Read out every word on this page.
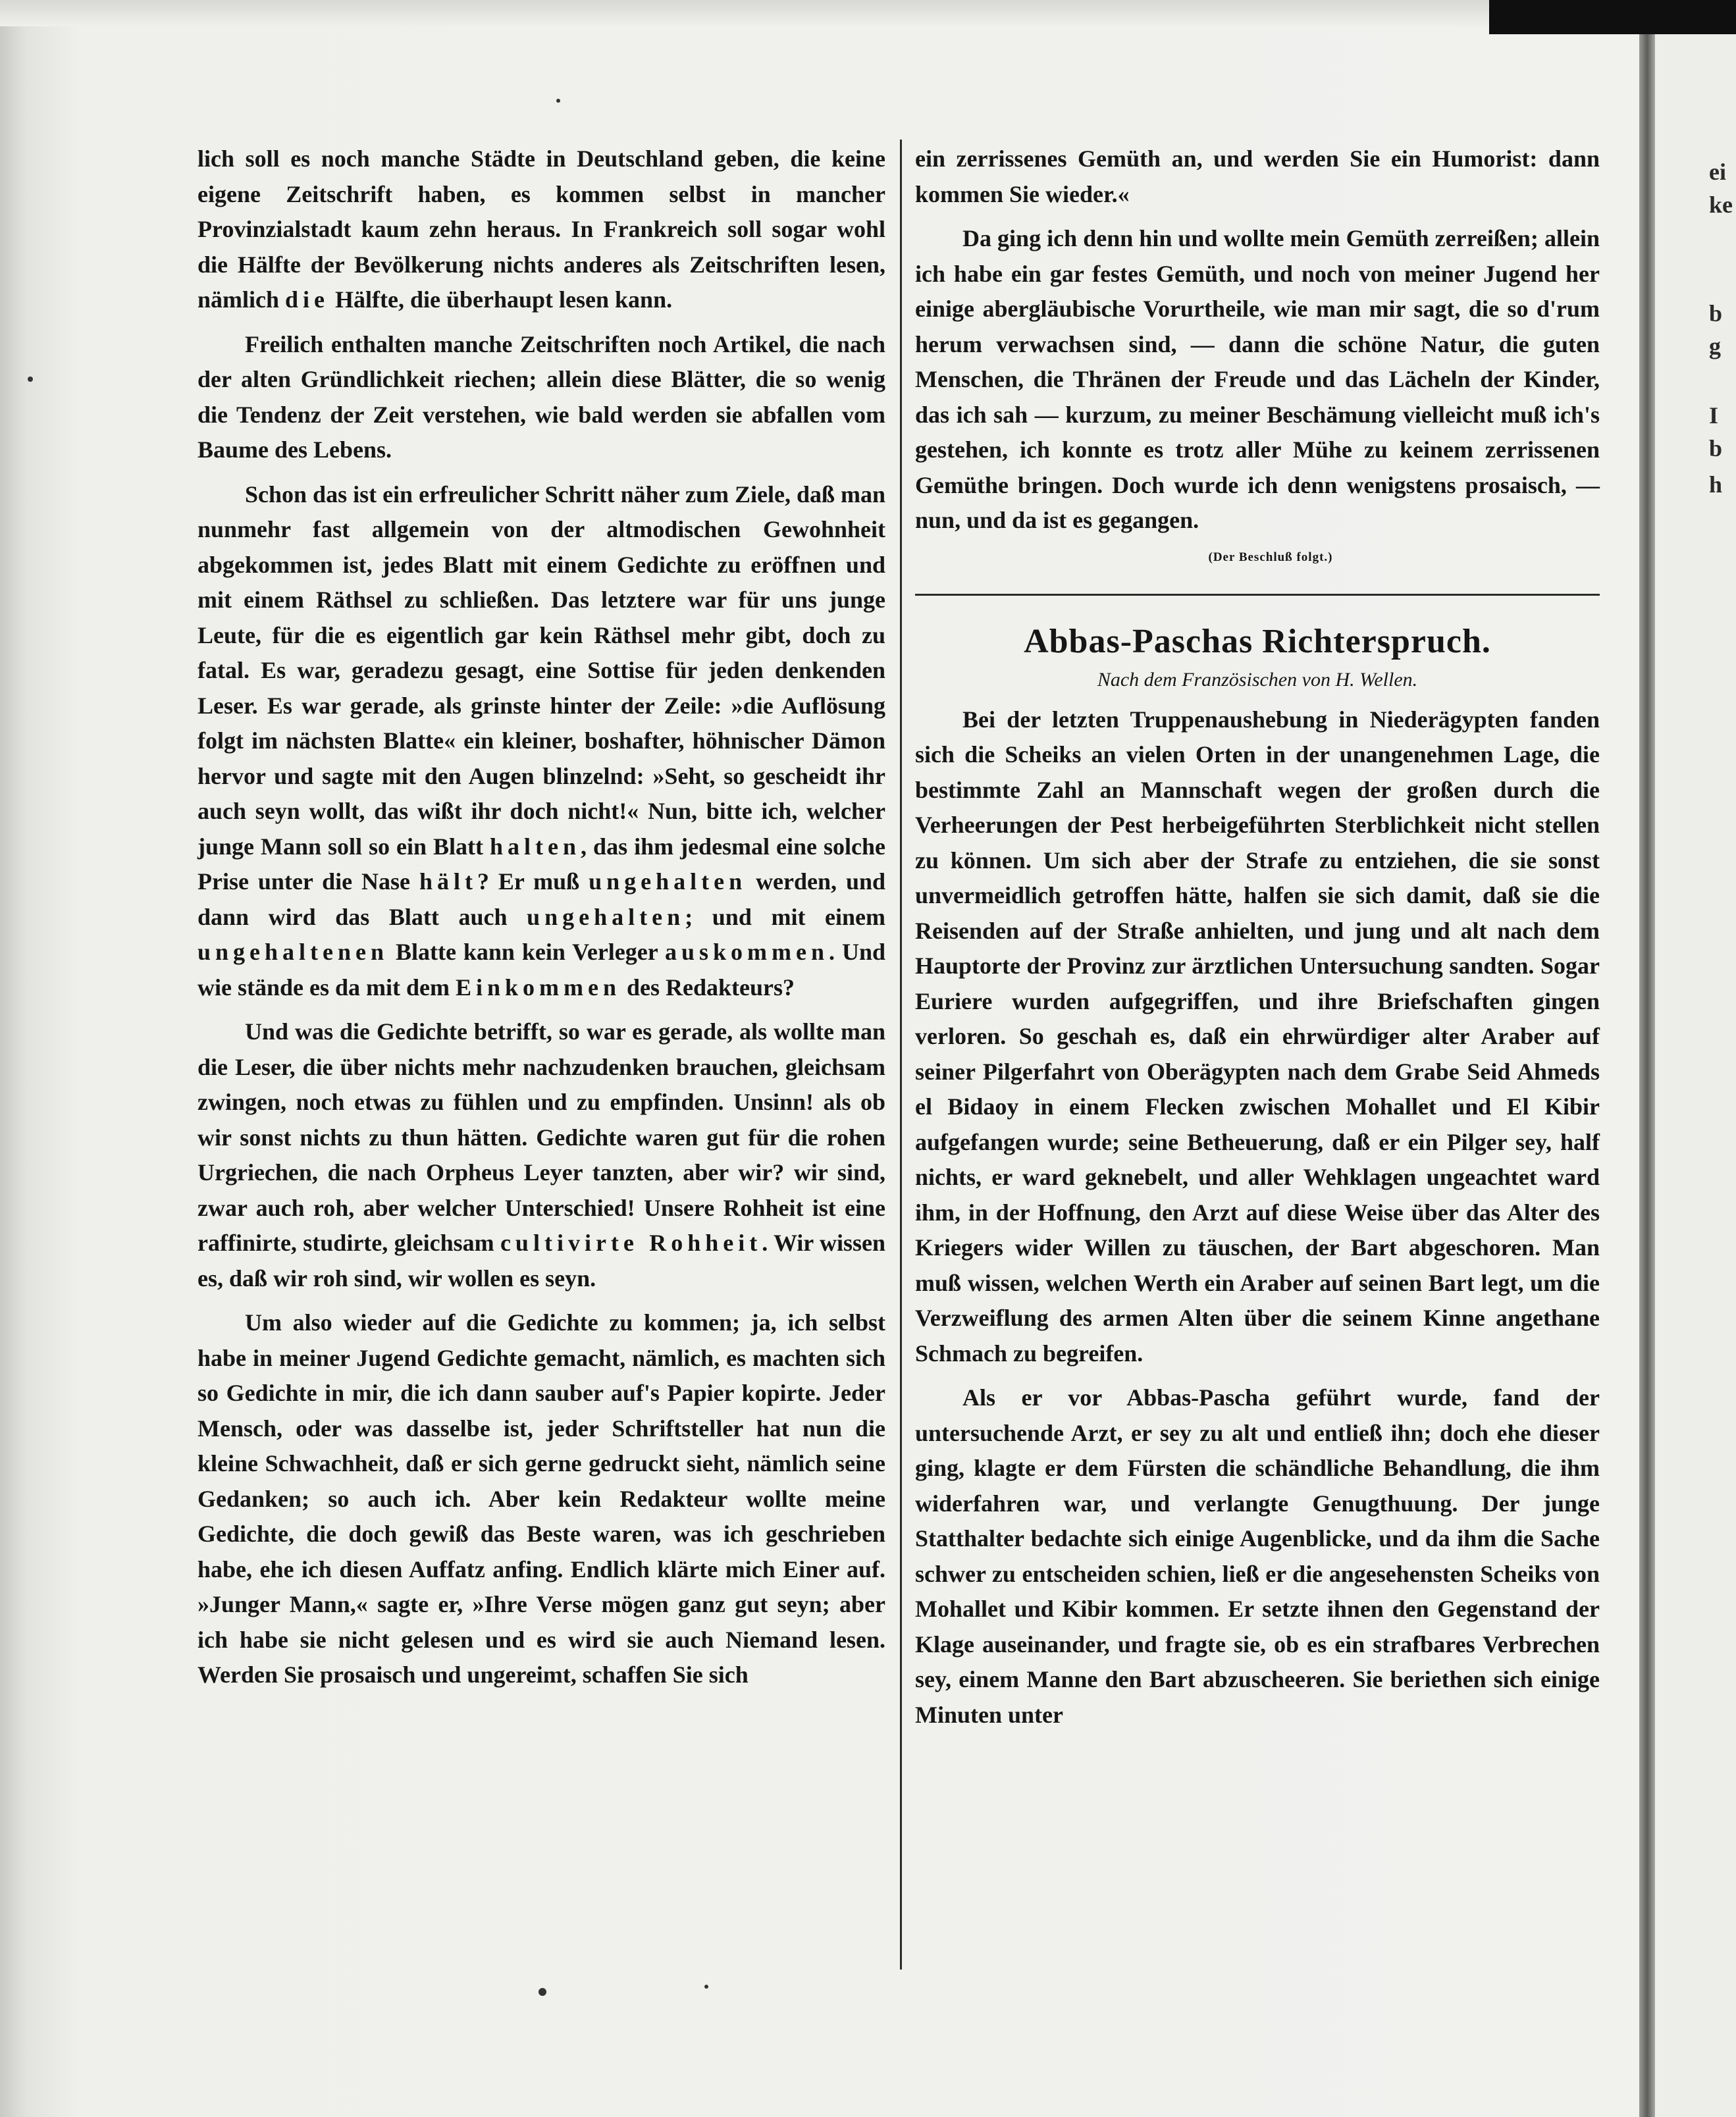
ei
ke
b
g
I
b
h

lich soll es noch manche Städte in Deutschland geben, die keine eigene Zeitschrift haben, es kommen selbst in mancher Provinzialstadt kaum zehn heraus. In Frankreich soll sogar wohl die Hälfte der Bevölkerung nichts anderes als Zeitschriften lesen, nämlich die Hälfte, die überhaupt lesen kann.

Freilich enthalten manche Zeitschriften noch Artikel, die nach der alten Gründlichkeit riechen; allein diese Blätter, die so wenig die Tendenz der Zeit verstehen, wie bald werden sie abfallen vom Baume des Lebens.

Schon das ist ein erfreulicher Schritt näher zum Ziele, daß man nunmehr fast allgemein von der altmodischen Gewohnheit abgekommen ist, jedes Blatt mit einem Gedichte zu eröffnen und mit einem Räthsel zu schließen. Das letztere war für uns junge Leute, für die es eigentlich gar kein Räthsel mehr gibt, doch zu fatal. Es war, geradezu gesagt, eine Sottise für jeden denkenden Leser. Es war gerade, als grinste hinter der Zeile: »die Auflösung folgt im nächsten Blatte« ein kleiner, boshafter, höhnischer Dämon hervor und sagte mit den Augen blinzelnd: »Seht, so gescheidt ihr auch seyn wollt, das wißt ihr doch nicht!« Nun, bitte ich, welcher junge Mann soll so ein Blatt halten, das ihm jedesmal eine solche Prise unter die Nase hält? Er muß ungehalten werden, und dann wird das Blatt auch ungehalten; und mit einem ungehaltenen Blatte kann kein Verleger auskommen. Und wie stände es da mit dem Einkommen des Redakteurs?

Und was die Gedichte betrifft, so war es gerade, als wollte man die Leser, die über nichts mehr nachzudenken brauchen, gleichsam zwingen, noch etwas zu fühlen und zu empfinden. Unsinn! als ob wir sonst nichts zu thun hätten. Gedichte waren gut für die rohen Urgriechen, die nach Orpheus Leyer tanzten, aber wir? wir sind, zwar auch roh, aber welcher Unterschied! Unsere Rohheit ist eine raffinirte, studirte, gleichsam cultivirte Rohheit. Wir wissen es, daß wir roh sind, wir wollen es seyn.

Um also wieder auf die Gedichte zu kommen; ja, ich selbst habe in meiner Jugend Gedichte gemacht, nämlich, es machten sich so Gedichte in mir, die ich dann sauber auf's Papier kopirte. Jeder Mensch, oder was dasselbe ist, jeder Schriftsteller hat nun die kleine Schwachheit, daß er sich gerne gedruckt sieht, nämlich seine Gedanken; so auch ich. Aber kein Redakteur wollte meine Gedichte, die doch gewiß das Beste waren, was ich geschrieben habe, ehe ich diesen Auffatz anfing. Endlich klärte mich Einer auf. »Junger Mann,« sagte er, »Ihre Verse mögen ganz gut seyn; aber ich habe sie nicht gelesen und es wird sie auch Niemand lesen. Werden Sie prosaisch und ungereimt, schaffen Sie sich

ein zerrissenes Gemüth an, und werden Sie ein Humorist: dann kommen Sie wieder.«

Da ging ich denn hin und wollte mein Gemüth zerreißen; allein ich habe ein gar festes Gemüth, und noch von meiner Jugend her einige abergläubische Vorurtheile, wie man mir sagt, die so d'rum herum verwachsen sind, — dann die schöne Natur, die guten Menschen, die Thränen der Freude und das Lächeln der Kinder, das ich sah — kurzum, zu meiner Beschämung vielleicht muß ich's gestehen, ich konnte es trotz aller Mühe zu keinem zerrissenen Gemüthe bringen. Doch wurde ich denn wenigstens prosaisch, — nun, und da ist es gegangen.

(Der Beschluß folgt.)

Abbas-Paschas Richterspruch.

Nach dem Französischen von H. Wellen.

Bei der letzten Truppenaushebung in Niederägypten fanden sich die Scheiks an vielen Orten in der unangenehmen Lage, die bestimmte Zahl an Mannschaft wegen der großen durch die Verheerungen der Pest herbeigeführten Sterblichkeit nicht stellen zu können. Um sich aber der Strafe zu entziehen, die sie sonst unvermeidlich getroffen hätte, halfen sie sich damit, daß sie die Reisenden auf der Straße anhielten, und jung und alt nach dem Hauptorte der Provinz zur ärztlichen Untersuchung sandten. Sogar Euriere wurden aufgegriffen, und ihre Briefschaften gingen verloren. So geschah es, daß ein ehrwürdiger alter Araber auf seiner Pilgerfahrt von Oberägypten nach dem Grabe Seid Ahmeds el Bidaoy in einem Flecken zwischen Mohallet und El Kibir aufgefangen wurde; seine Betheuerung, daß er ein Pilger sey, half nichts, er ward geknebelt, und aller Wehklagen ungeachtet ward ihm, in der Hoffnung, den Arzt auf diese Weise über das Alter des Kriegers wider Willen zu täuschen, der Bart abgeschoren. Man muß wissen, welchen Werth ein Araber auf seinen Bart legt, um die Verzweiflung des armen Alten über die seinem Kinne angethane Schmach zu begreifen.

Als er vor Abbas-Pascha geführt wurde, fand der untersuchende Arzt, er sey zu alt und entließ ihn; doch ehe dieser ging, klagte er dem Fürsten die schändliche Behandlung, die ihm widerfahren war, und verlangte Genugthuung. Der junge Statthalter bedachte sich einige Augenblicke, und da ihm die Sache schwer zu entscheiden schien, ließ er die angesehensten Scheiks von Mohallet und Kibir kommen. Er setzte ihnen den Gegenstand der Klage auseinander, und fragte sie, ob es ein strafbares Verbrechen sey, einem Manne den Bart abzuscheeren. Sie beriethen sich einige Minuten unter
